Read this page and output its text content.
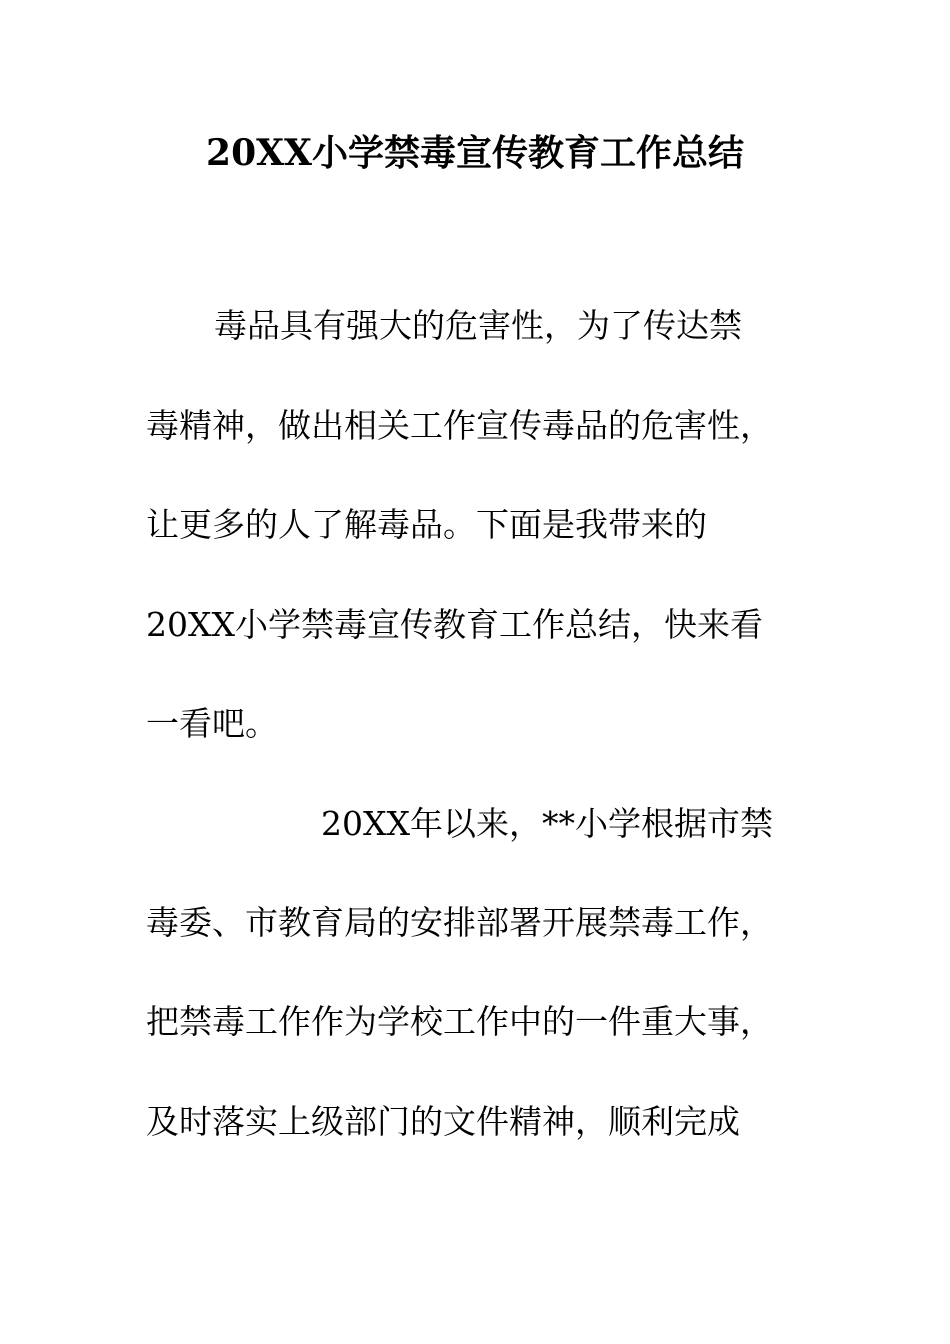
20XX小学禁毒宣传教育工作总结

毒品具有强大的危害性，为了传达禁

毒精神，做出相关工作宣传毒品的危害性，

让更多的人了解毒品。下面是我带来的

20XX小学禁毒宣传教育工作总结，快来看

一看吧。

20XX年以来，**小学根据市禁

毒委、市教育局的安排部署开展禁毒工作，

把禁毒工作作为学校工作中的一件重大事，

及时落实上级部门的文件精神，顺利完成
